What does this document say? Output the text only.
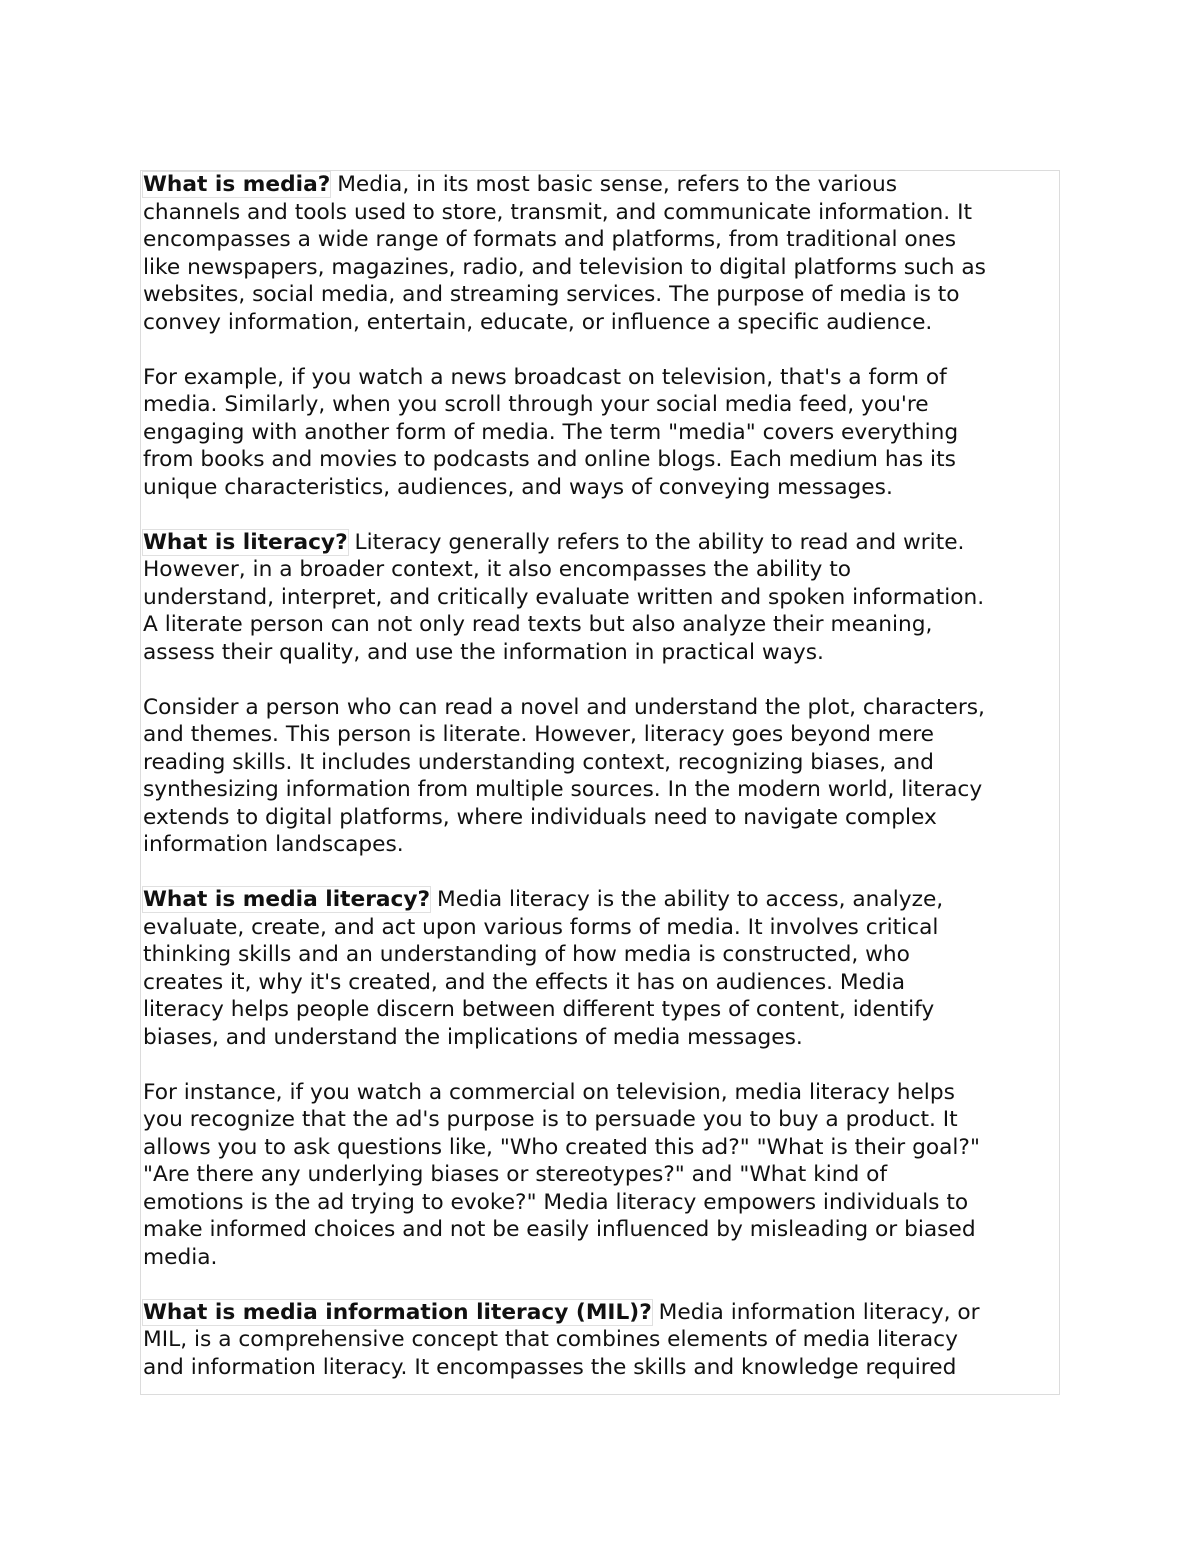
What is media? Media, in its most basic sense, refers to the various
channels and tools used to store, transmit, and communicate information. It
encompasses a wide range of formats and platforms, from traditional ones
like newspapers, magazines, radio, and television to digital platforms such as
websites, social media, and streaming services. The purpose of media is to
convey information, entertain, educate, or influence a specific audience.
For example, if you watch a news broadcast on television, that's a form of
media. Similarly, when you scroll through your social media feed, you're
engaging with another form of media. The term "media" covers everything
from books and movies to podcasts and online blogs. Each medium has its
unique characteristics, audiences, and ways of conveying messages.
What is literacy? Literacy generally refers to the ability to read and write.
However, in a broader context, it also encompasses the ability to
understand, interpret, and critically evaluate written and spoken information.
A literate person can not only read texts but also analyze their meaning,
assess their quality, and use the information in practical ways.
Consider a person who can read a novel and understand the plot, characters,
and themes. This person is literate. However, literacy goes beyond mere
reading skills. It includes understanding context, recognizing biases, and
synthesizing information from multiple sources. In the modern world, literacy
extends to digital platforms, where individuals need to navigate complex
information landscapes.
What is media literacy? Media literacy is the ability to access, analyze,
evaluate, create, and act upon various forms of media. It involves critical
thinking skills and an understanding of how media is constructed, who
creates it, why it's created, and the effects it has on audiences. Media
literacy helps people discern between different types of content, identify
biases, and understand the implications of media messages.
For instance, if you watch a commercial on television, media literacy helps
you recognize that the ad's purpose is to persuade you to buy a product. It
allows you to ask questions like, "Who created this ad?" "What is their goal?"
"Are there any underlying biases or stereotypes?" and "What kind of
emotions is the ad trying to evoke?" Media literacy empowers individuals to
make informed choices and not be easily influenced by misleading or biased
media.
What is media information literacy (MIL)? Media information literacy, or
MIL, is a comprehensive concept that combines elements of media literacy
and information literacy. It encompasses the skills and knowledge required
